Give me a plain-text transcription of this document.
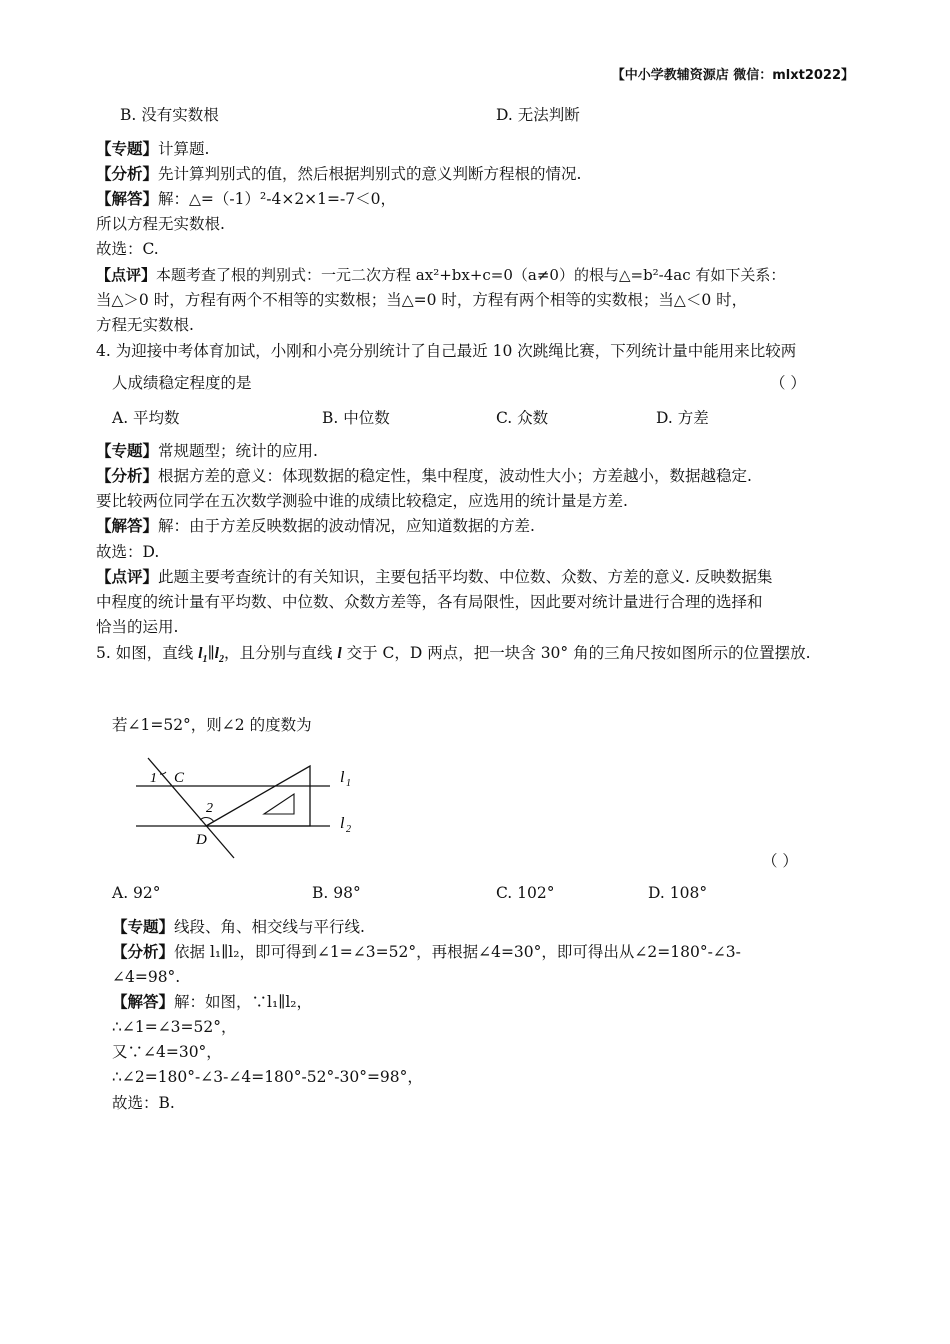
【中小学教辅资源店 微信：mlxt2022】
B. 没有实数根	D. 无法判断
【专题】计算题.
【分析】先计算判别式的值，然后根据判别式的意义判断方程根的情况.
【解答】解：△=（-1）²-4×2×1=-7＜0，
所以方程无实数根.
故选：C.
【点评】本题考查了根的判别式：一元二次方程 ax²+bx+c=0（a≠0）的根与△=b²-4ac 有如下关系：
当△＞0 时，方程有两个不相等的实数根；当△=0 时，方程有两个相等的实数根；当△＜0 时，
方程无实数根.
4. 为迎接中考体育加试，小刚和小亮分别统计了自己最近 10 次跳绳比赛，下列统计量中能用来比较两
人成绩稳定程度的是	（ ）
A. 平均数	B. 中位数	C. 众数	D. 方差
【专题】常规题型；统计的应用.
【分析】根据方差的意义：体现数据的稳定性，集中程度，波动性大小；方差越小，数据越稳定.
要比较两位同学在五次数学测验中谁的成绩比较稳定，应选用的统计量是方差.
【解答】解：由于方差反映数据的波动情况，应知道数据的方差.
故选：D.
【点评】此题主要考查统计的有关知识，主要包括平均数、中位数、众数、方差的意义. 反映数据集
中程度的统计量有平均数、中位数、众数方差等，各有局限性，因此要对统计量进行合理的选择和
恰当的运用.
5. 如图，直线 $l_1\parallel l_2$，且分别与直线 l 交于 C，D 两点，把一块含 30° 角的三角尺按如图所示的位置摆放.
若∠1=52°，则∠2 的度数为
1 C
2
D
l 1
l 2
（ ）
A. 92°	B. 98°	C. 102°	D. 108°
【专题】线段、角、相交线与平行线.
【分析】依据 l₁∥l₂，即可得到∠1=∠3=52°，再根据∠4=30°，即可得出从∠2=180°-∠3-
∠4=98°.
【解答】解：如图，∵l₁∥l₂，
∴∠1=∠3=52°，
又∵∠4=30°，
∴∠2=180°-∠3-∠4=180°-52°-30°=98°，
故选：B.
